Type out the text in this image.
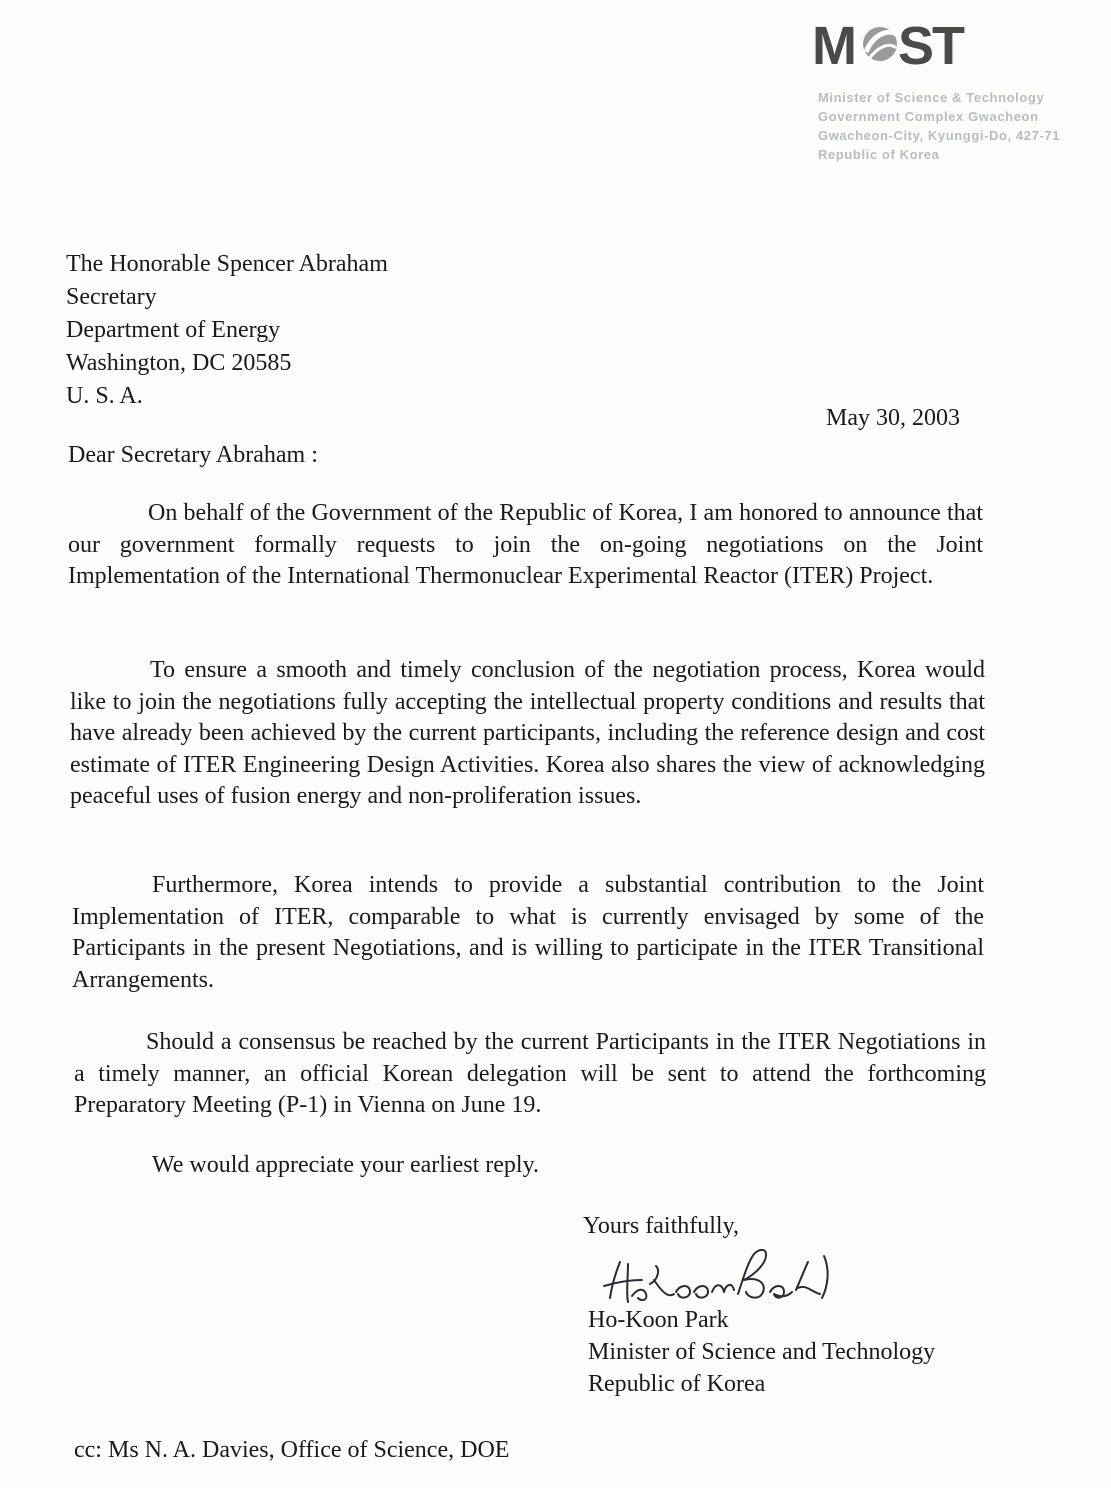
M ST
Minister of Science & Technology
Government Complex Gwacheon
Gwacheon-City, Kyunggi-Do, 427-71
Republic of Korea
The Honorable Spencer Abraham
Secretary
Department of Energy
Washington, DC 20585
U. S. A.
May 30, 2003
Dear Secretary Abraham :

On behalf of the Government of the Republic of Korea, I am honored to announce that our government formally requests to join the on-going negotiations on the Joint Implementation of the International Thermonuclear Experimental Reactor (ITER) Project.

To ensure a smooth and timely conclusion of the negotiation process, Korea would like to join the negotiations fully accepting the intellectual property conditions and results that have already been achieved by the current participants, including the reference design and cost estimate of ITER Engineering Design Activities. Korea also shares the view of acknowledging peaceful uses of fusion energy and non-proliferation issues.

Furthermore, Korea intends to provide a substantial contribution to the Joint Implementation of ITER, comparable to what is currently envisaged by some of the Participants in the present Negotiations, and is willing to participate in the ITER Transitional Arrangements.

Should a consensus be reached by the current Participants in the ITER Negotiations in a timely manner, an official Korean delegation will be sent to attend the forthcoming Preparatory Meeting (P-1) in Vienna on June 19.

We would appreciate your earliest reply.

Yours faithfully,
Ho-Koon Park
Minister of Science and Technology
Republic of Korea
cc: Ms N. A. Davies, Office of Science, DOE
